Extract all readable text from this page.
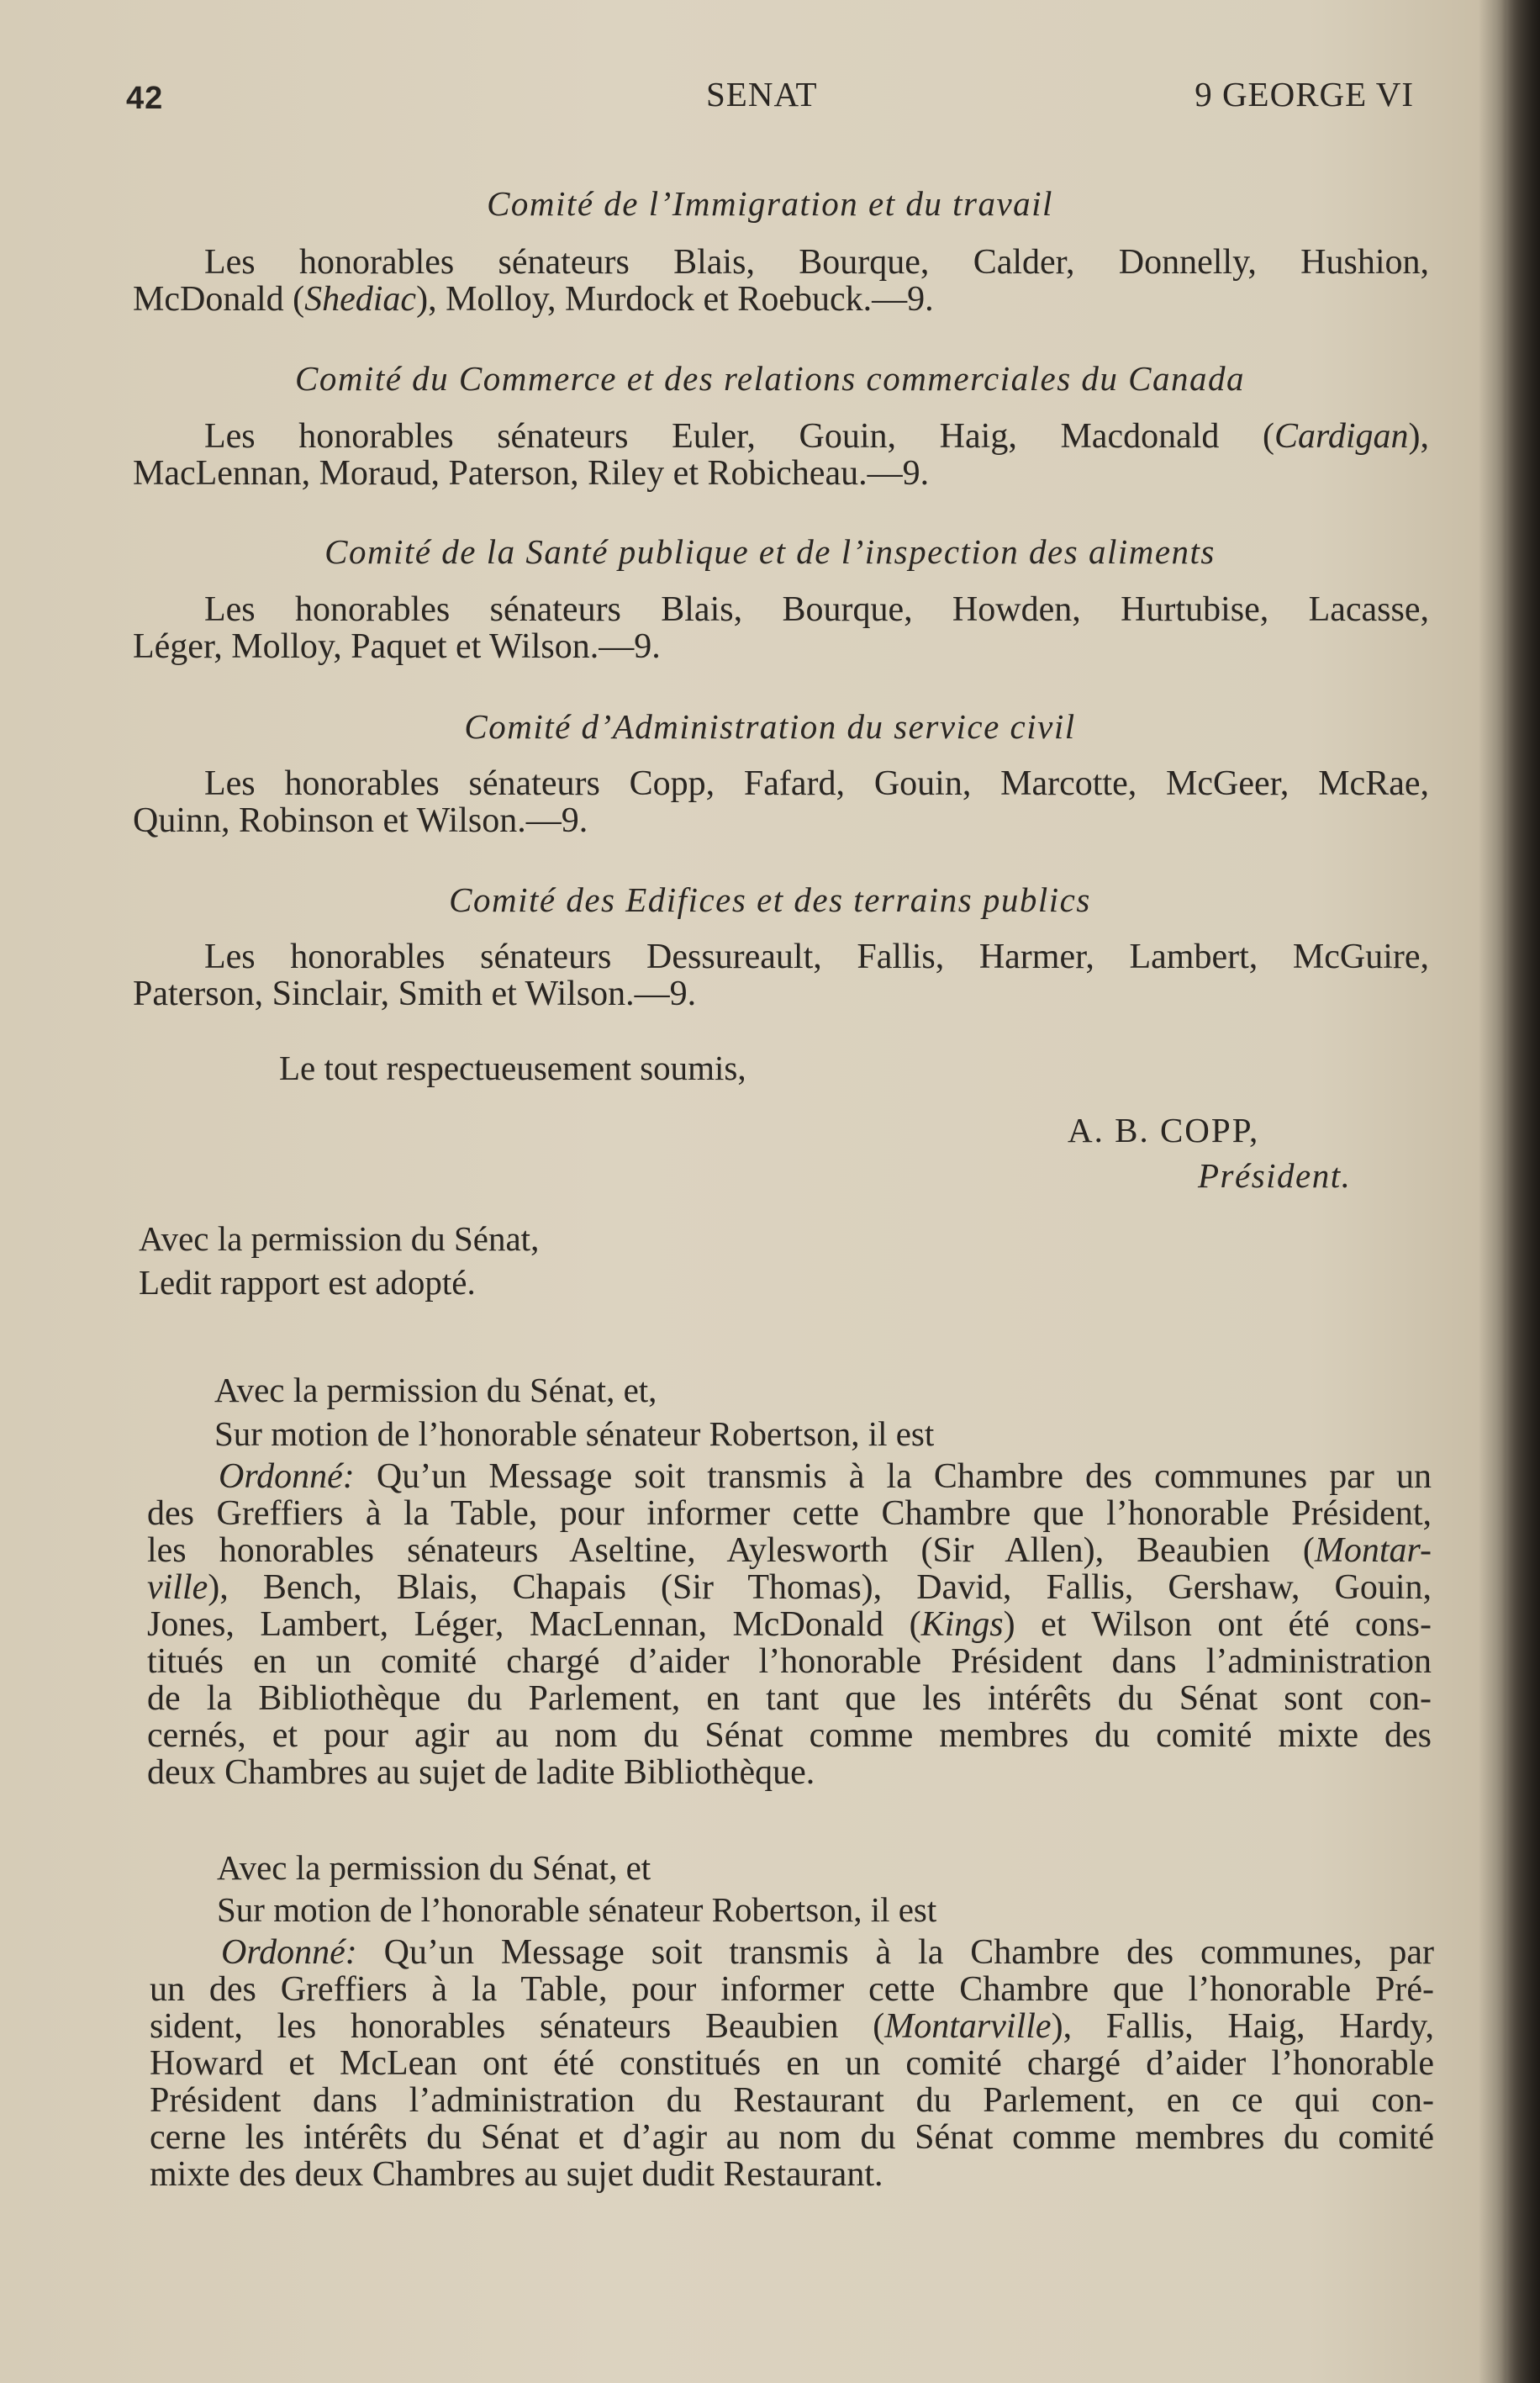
42	SENAT	9 GEORGE VI
Comité de l’Immigration et du travail
Les honorables sénateurs Blais, Bourque, Calder, Donnelly, Hushion,
McDonald (Shediac), Molloy, Murdock et Roebuck.—9.
Comité du Commerce et des relations commerciales du Canada
Les honorables sénateurs Euler, Gouin, Haig, Macdonald (Cardigan),
MacLennan, Moraud, Paterson, Riley et Robicheau.—9.
Comité de la Santé publique et de l’inspection des aliments
Les honorables sénateurs Blais, Bourque, Howden, Hurtubise, Lacasse,
Léger, Molloy, Paquet et Wilson.—9.
Comité d’Administration du service civil
Les honorables sénateurs Copp, Fafard, Gouin, Marcotte, McGeer, McRae,
Quinn, Robinson et Wilson.—9.
Comité des Edifices et des terrains publics
Les honorables sénateurs Dessureault, Fallis, Harmer, Lambert, McGuire,
Paterson, Sinclair, Smith et Wilson.—9.
Le tout respectueusement soumis,
A. B. COPP,
Président.
Avec la permission du Sénat,
Ledit rapport est adopté.
Avec la permission du Sénat, et,
Sur motion de l’honorable sénateur Robertson, il est
Ordonné: Qu’un Message soit transmis à la Chambre des communes par un
des Greffiers à la Table, pour informer cette Chambre que l’honorable Président,
les honorables sénateurs Aseltine, Aylesworth (Sir Allen), Beaubien (Montar-
ville), Bench, Blais, Chapais (Sir Thomas), David, Fallis, Gershaw, Gouin,
Jones, Lambert, Léger, MacLennan, McDonald (Kings) et Wilson ont été cons-
titués en un comité chargé d’aider l’honorable Président dans l’administration
de la Bibliothèque du Parlement, en tant que les intérêts du Sénat sont con-
cernés, et pour agir au nom du Sénat comme membres du comité mixte des
deux Chambres au sujet de ladite Bibliothèque.
Avec la permission du Sénat, et
Sur motion de l’honorable sénateur Robertson, il est
Ordonné: Qu’un Message soit transmis à la Chambre des communes, par
un des Greffiers à la Table, pour informer cette Chambre que l’honorable Pré-
sident, les honorables sénateurs Beaubien (Montarville), Fallis, Haig, Hardy,
Howard et McLean ont été constitués en un comité chargé d’aider l’honorable
Président dans l’administration du Restaurant du Parlement, en ce qui con-
cerne les intérêts du Sénat et d’agir au nom du Sénat comme membres du comité
mixte des deux Chambres au sujet dudit Restaurant.
